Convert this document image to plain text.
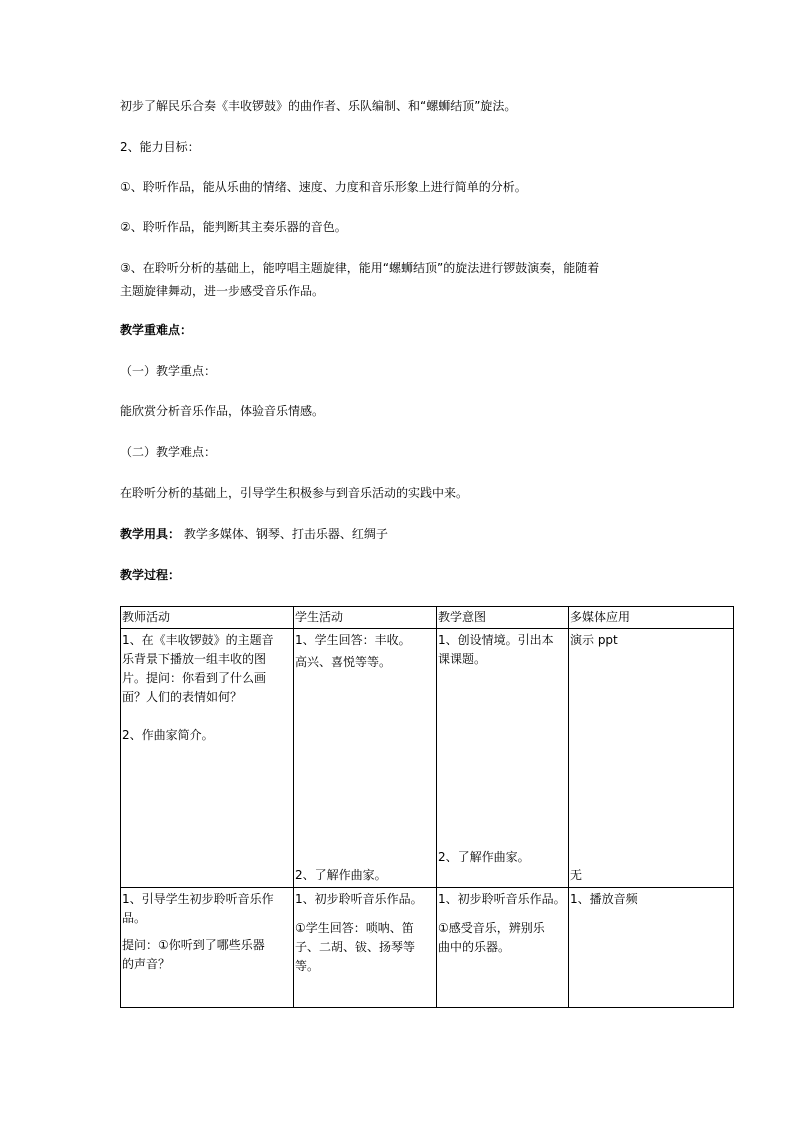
初步了解民乐合奏《丰收锣鼓》的曲作者、乐队编制、和“螺蛳结顶”旋法。

2、能力目标：

①、聆听作品，能从乐曲的情绪、速度、力度和音乐形象上进行简单的分析。

②、聆听作品，能判断其主奏乐器的音色。

③、在聆听分析的基础上，能哼唱主题旋律，能用“螺蛳结顶”的旋法进行锣鼓演奏，能随着

主题旋律舞动，进一步感受音乐作品。

教学重难点：

（一）教学重点：

能欣赏分析音乐作品，体验音乐情感。

（二）教学难点：

在聆听分析的基础上，引导学生积极参与到音乐活动的实践中来。

教学用具： 教学多媒体、钢琴、打击乐器、红绸子

教学过程：

教师活动	学生活动	教学意图	多媒体应用

1、在《丰收锣鼓》的主题音
乐背景下播放一组丰收的图
片。提问：你看到了什么画
面？人们的表情如何？
2、作曲家简介。	1、学生回答：丰收。
高兴、喜悦等等。
2、了解作曲家。	1、创设情境。引出本
课课题。
2、了解作曲家。	演示 ppt
无

1、引导学生初步聆听音乐作
品。
提问：①你听到了哪些乐器
的声音？	1、初步聆听音乐作品。
①学生回答：唢呐、笛
子、二胡、钹、扬琴等
等。	1、初步聆听音乐作品。
①感受音乐，辨别乐
曲中的乐器。	1、播放音频
